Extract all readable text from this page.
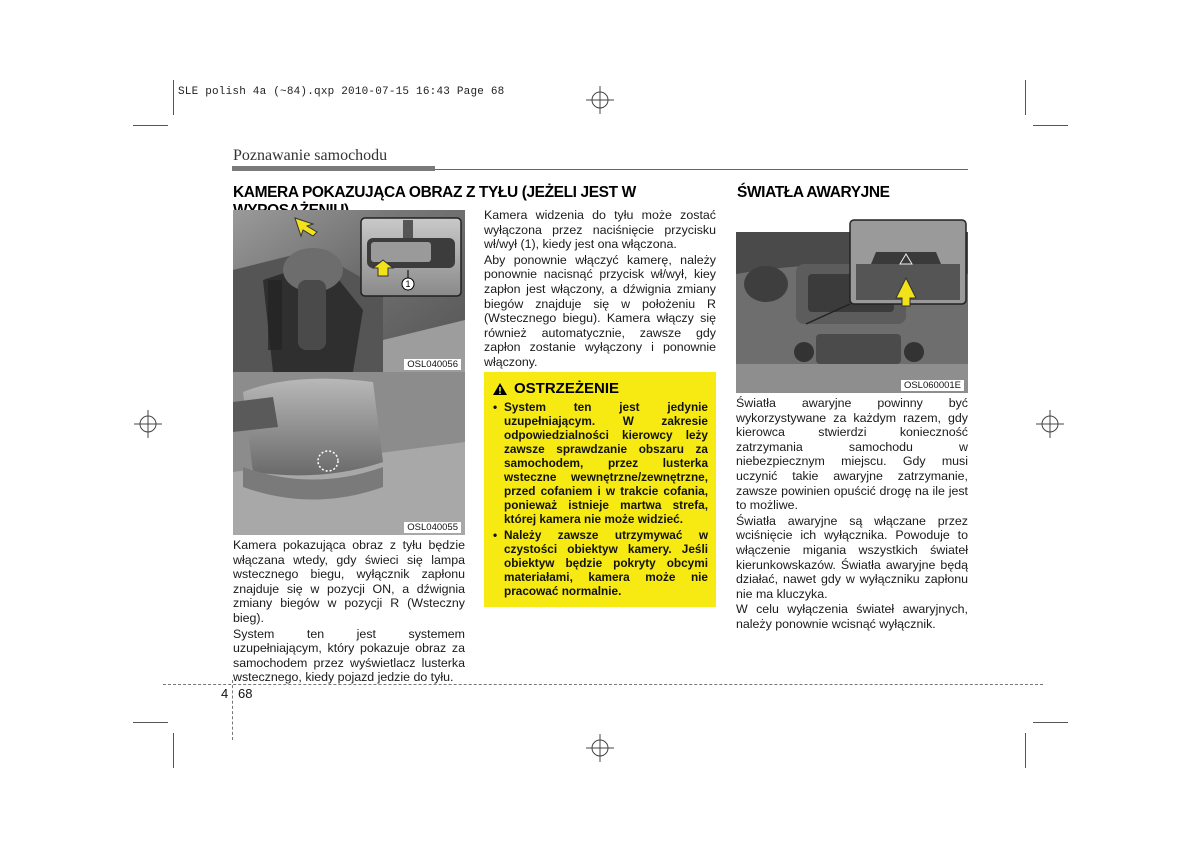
SLE polish 4a (~84).qxp 2010-07-15 16:43 Page 68
Poznawanie samochodu
KAMERA POKAZUJĄCA OBRAZ Z TYŁU (JEŻELI JEST W
1
OSL040056
OSL040055

Kamera pokazująca obraz z tyłu będzie włączana wtedy, gdy świeci się lampa wstecznego biegu, wyłącznik zapłonu znajduje się w pozycji ON, a dźwignia zmiany biegów w pozycji R (Wsteczny bieg).

System ten jest systemem uzupełniającym, który pokazuje obraz za samochodem przez wyświetlacz lusterka wstecznego, kiedy pojazd jedzie do tyłu.

Kamera widzenia do tyłu może zostać wyłączona przez naciśnięcie przycisku wł/wył (1), kiedy jest ona włączona.

Aby ponownie włączyć kamerę, należy ponownie nacisnąć przycisk wł/wył, kiey zapłon jest włączony, a dźwignia zmiany biegów znajduje się w położeniu R (Wstecznego biegu). Kamera włączy się również automatycznie, zawsze gdy zapłon zostanie wyłączony i ponownie włączony.

OSTRZEŻENIE
• System ten jest jedynie uzupełniającym. W zakresie odpowiedzialności kierowcy leży zawsze sprawdzanie obszaru za samochodem, przez lusterka wsteczne wewnętrzne/zewnętrzne, przed cofaniem i w trakcie cofania, ponieważ istnieje martwa strefa, której kamera nie może widzieć.
• Należy zawsze utrzymywać w czystości obiektyw kamery. Jeśli obiektyw będzie pokryty obcymi materiałami, kamera może nie pracować normalnie.
ŚWIATŁA AWARYJNE
OSL060001E

Światła awaryjne powinny być wykorzystywane za każdym razem, gdy kierowca stwierdzi konieczność zatrzymania samochodu w niebezpiecznym miejscu. Gdy musi uczynić takie awaryjne zatrzymanie, zawsze powinien opuścić drogę na ile jest to możliwe.

Światła awaryjne są włączane przez wciśnięcie ich wyłącznika. Powoduje to włączenie migania wszystkich świateł kierunkowskazów. Światła awaryjne będą działać, nawet gdy w wyłączniku zapłonu nie ma kluczyka.

W celu wyłączenia świateł awaryjnych, należy ponownie wcisnąć wyłącznik.

4 68
